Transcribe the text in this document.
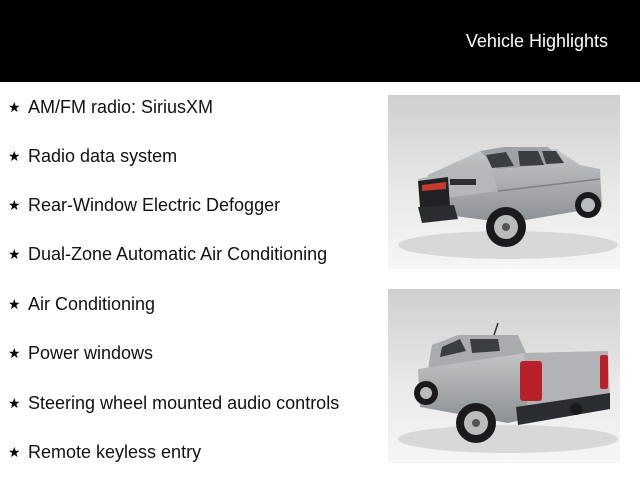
Vehicle Highlights
★ AM/FM radio: SiriusXM
★ Radio data system
★ Rear-Window Electric Defogger
★ Dual-Zone Automatic Air Conditioning
★ Air Conditioning
★ Power windows
★ Steering wheel mounted audio controls
★ Remote keyless entry
